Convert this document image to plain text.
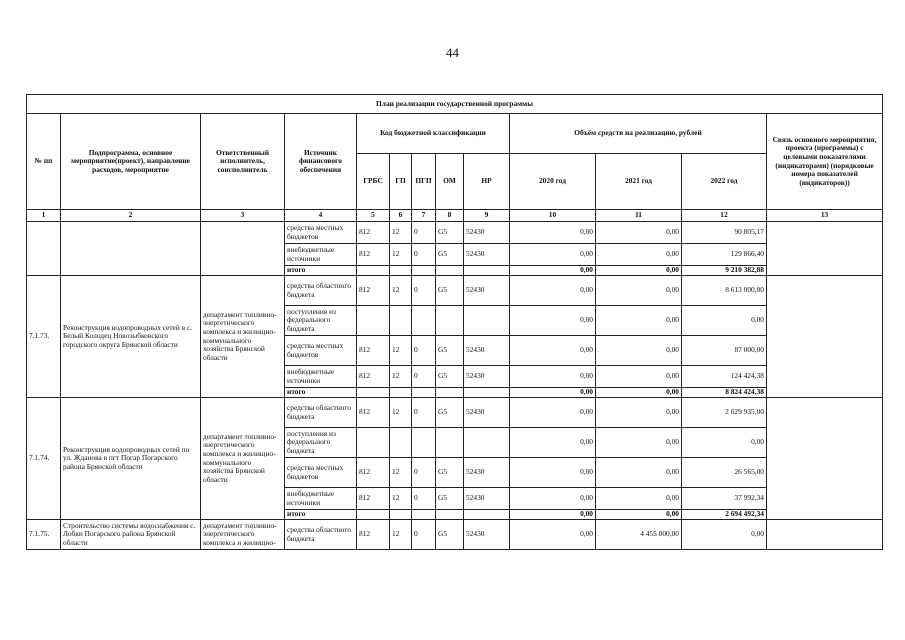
44
План реализации государственной программы												
№ пп	Подпрограмма, основное мероприятие(проект), направление расходов, мероприятие	Ответственный исполнитель, соисполнитель	Источник финансового обеспечения	Код бюджетной классификации					Объём средств на реализацию, рублей			Связь основного мероприятия, проекта (программы) с целевыми показателями (индикаторами) (порядковые номера показателей (индикаторов))
				ГРБС	ГП	ПГП	ОМ	НР	2020 год	2021 год	2022 год	
1	2	3	4	5	6	7	8	9	10	11	12	13
			средства местных бюджетов	812	12	0	G5	52430	0,00	0,00	90 805,17	
			внебюджетные источники	812	12	0	G5	52430	0,00	0,00	129 866,40	
			итого						0,00	0,00	9 210 382,88	
7.1.73.	Реконструкция водопроводных сетей в с. Белый Колодец Новозыбковского городского округа Брянской области	департамент топливно-энергетического комплекса и жилищно-коммунального хозяйства Брянской области	средства областного бюджета	812	12	0	G5	52430	0,00	0,00	8 613 000,00	
			поступления из федерального бюджета						0,00	0,00	0,00	
			средства местных бюджетов	812	12	0	G5	52430	0,00	0,00	87 000,00	
			внебюджетные источники	812	12	0	G5	52430	0,00	0,00	124 424,38	
			итого						0,00	0,00	8 824 424,38	
7.1.74.	Реконструкция водопроводных сетей по ул. Жданова в пгт Погар Погарского района Брянской области	департамент топливно-энергетического комплекса и жилищно-коммунального хозяйства Брянской области	средства областного бюджета	812	12	0	G5	52430	0,00	0,00	2 629 935,00	
			поступления из федерального бюджета						0,00	0,00	0,00	
			средства местных бюджетов	812	12	0	G5	52430	0,00	0,00	26 565,00	
			внебюджетные источники	812	12	0	G5	52430	0,00	0,00	37 992,34	
			итого						0,00	0,00	2 694 492,34	
7.1.75.	Строительство системы водоснабжения с. Лобки Погарского района Брянской области	департамент топливно-энергетического комплекса и жилищно-	средства областного бюджета	812	12	0	G5	52430	0,00	4 455 000,00	0,00	
